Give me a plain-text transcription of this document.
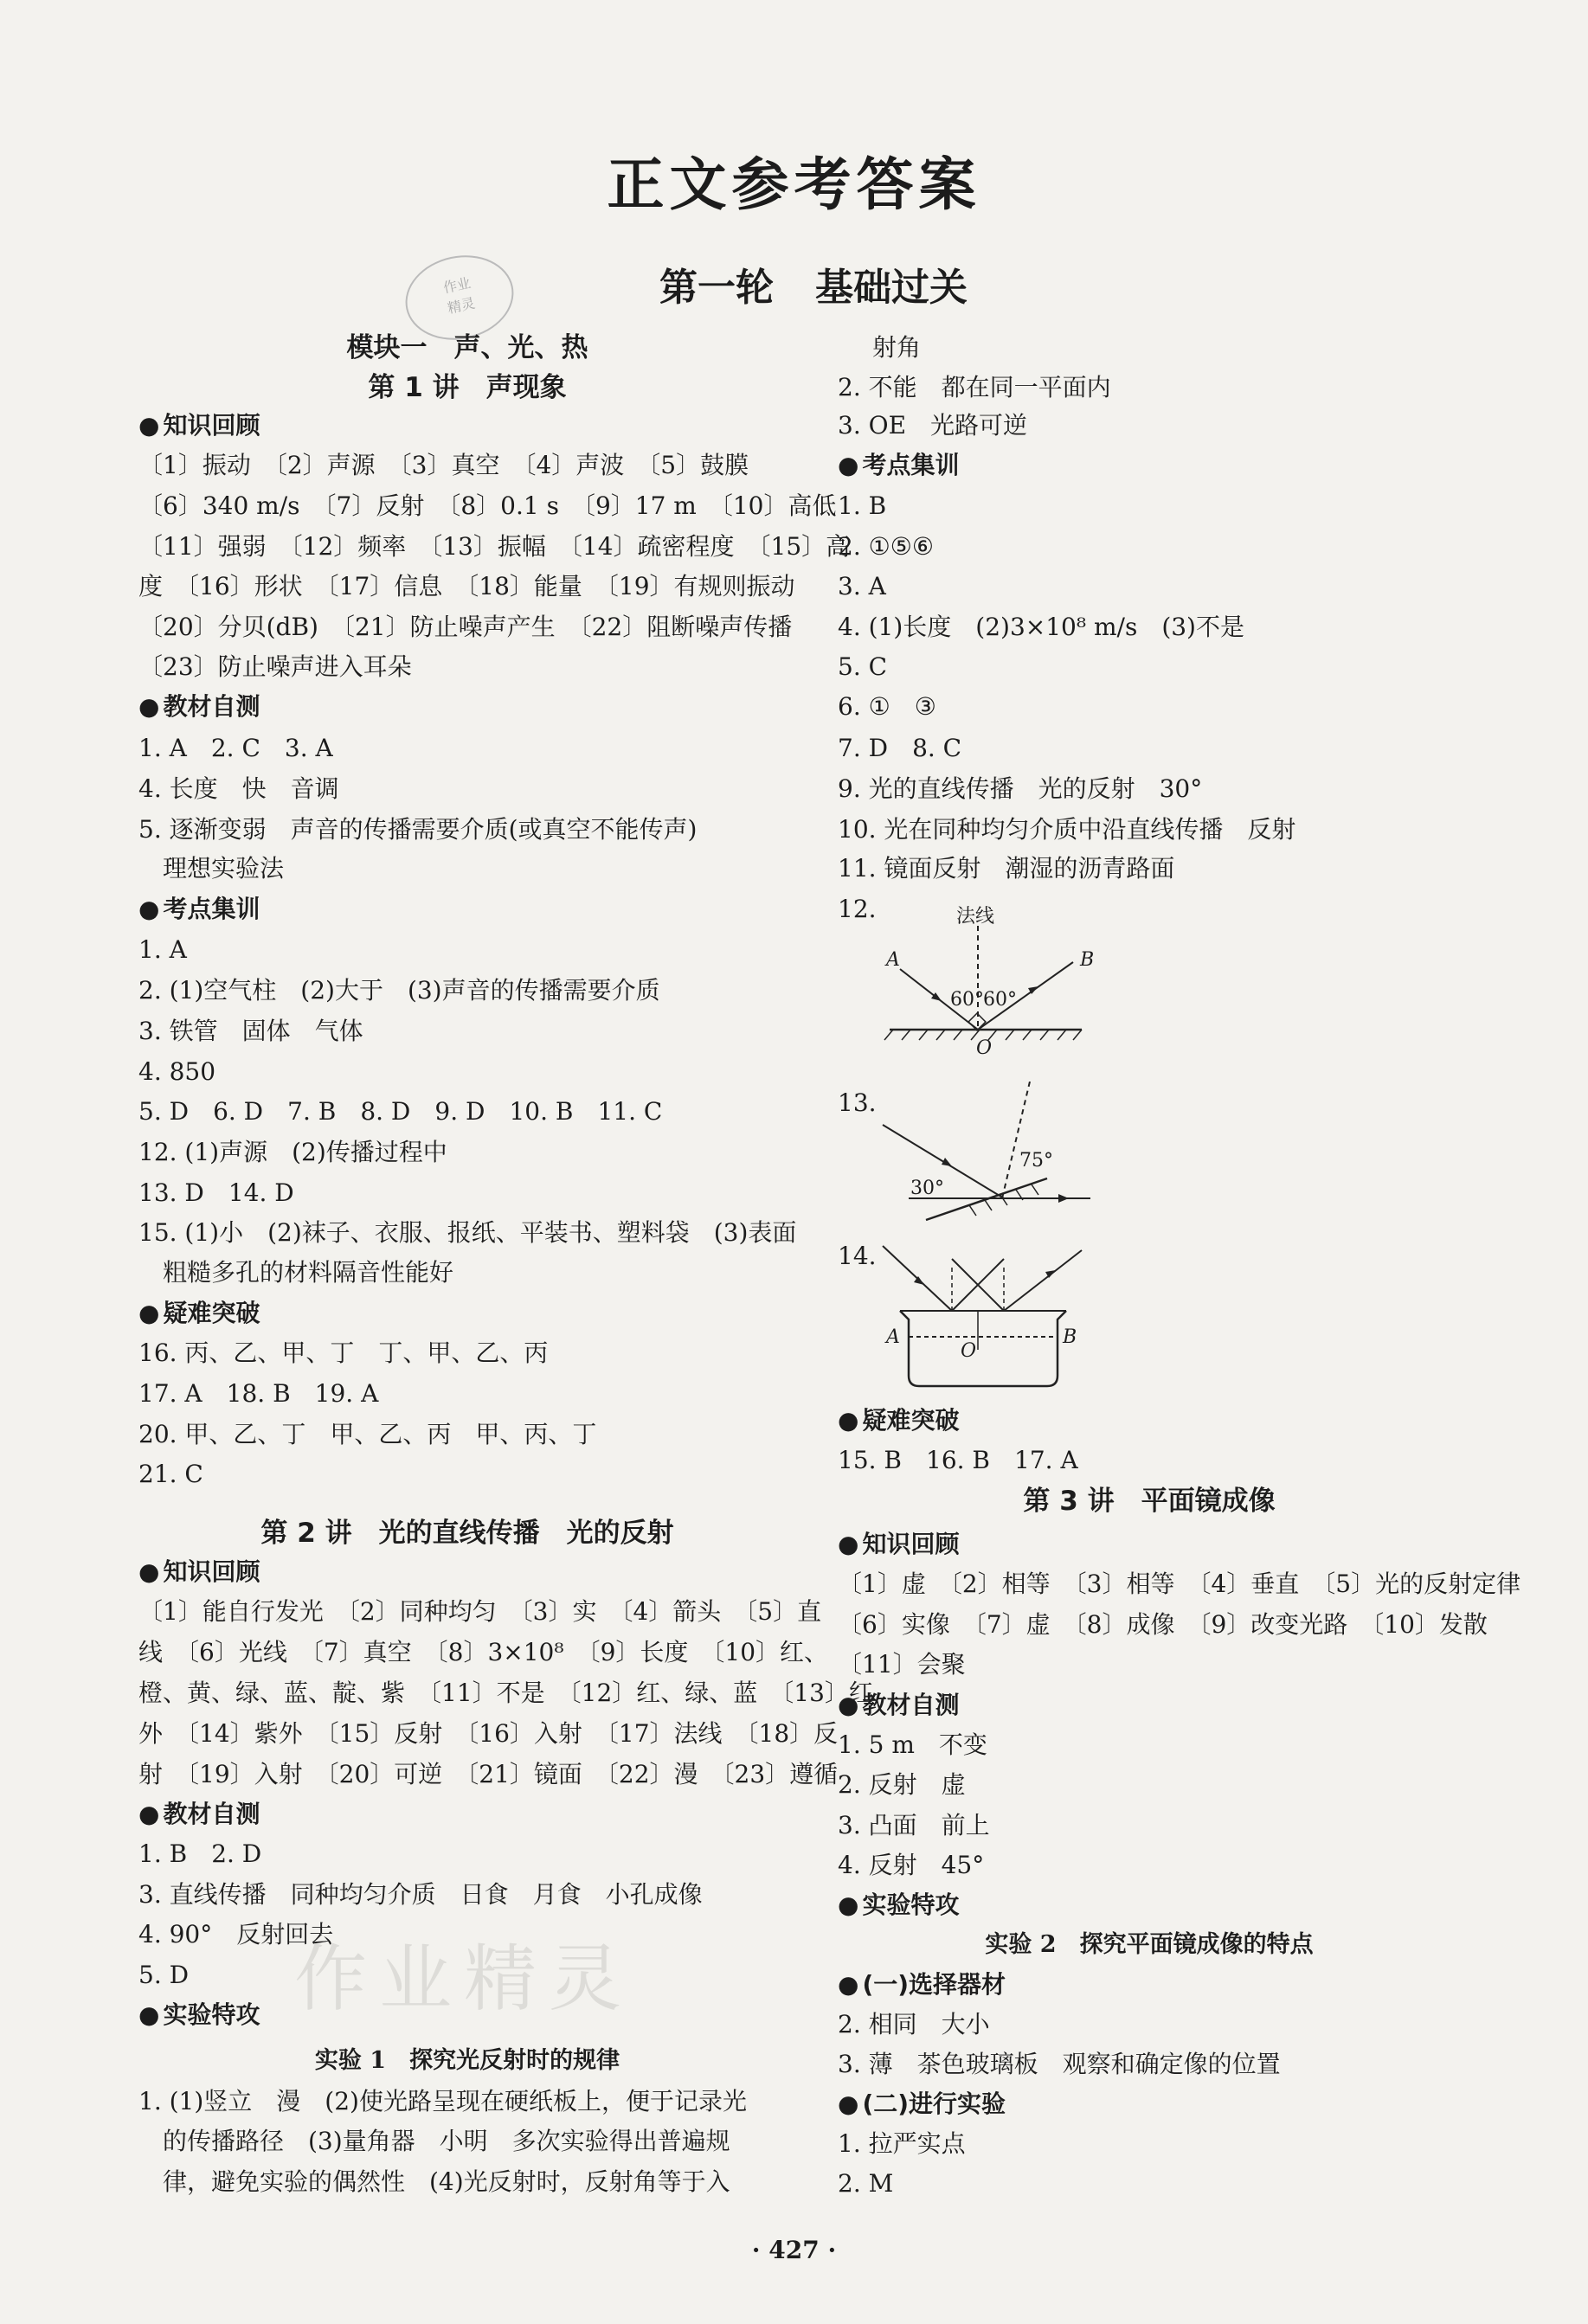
正文参考答案
第一轮 基础过关
作业
精灵
作业精灵
模块一　声、光、热
第 1 讲　声现象
● 知识回顾
〔1〕振动　〔2〕声源　〔3〕真空　〔4〕声波　〔5〕鼓膜
〔6〕340 m/s　〔7〕反射　〔8〕0.1 s　〔9〕17 m　〔10〕高低
〔11〕强弱　〔12〕频率　〔13〕振幅　〔14〕疏密程度　〔15〕高
度　〔16〕形状　〔17〕信息　〔18〕能量　〔19〕有规则振动
〔20〕分贝(dB)　〔21〕防止噪声产生　〔22〕阻断噪声传播
〔23〕防止噪声进入耳朵
● 教材自测
1. A　2. C　3. A
4. 长度　快　音调
5. 逐渐变弱　声音的传播需要介质(或真空不能传声)
　理想实验法
● 考点集训
1. A
2. (1)空气柱　(2)大于　(3)声音的传播需要介质
3. 铁管　固体　气体
4. 850
5. D　6. D　7. B　8. D　9. D　10. B　11. C
12. (1)声源　(2)传播过程中
13. D　14. D
15. (1)小　(2)袜子、衣服、报纸、平装书、塑料袋　(3)表面
　粗糙多孔的材料隔音性能好
● 疑难突破
16. 丙、乙、甲、丁　丁、甲、乙、丙
17. A　18. B　19. A
20. 甲、乙、丁　甲、乙、丙　甲、丙、丁
21. C
第 2 讲　光的直线传播　光的反射
● 知识回顾
〔1〕能自行发光　〔2〕同种均匀　〔3〕实　〔4〕箭头　〔5〕直
线　〔6〕光线　〔7〕真空　〔8〕3×10⁸　〔9〕长度　〔10〕红、
橙、黄、绿、蓝、靛、紫　〔11〕不是　〔12〕红、绿、蓝　〔13〕红
外　〔14〕紫外　〔15〕反射　〔16〕入射　〔17〕法线　〔18〕反
射　〔19〕入射　〔20〕可逆　〔21〕镜面　〔22〕漫　〔23〕遵循
● 教材自测
1. B　2. D
3. 直线传播　同种均匀介质　日食　月食　小孔成像
4. 90°　反射回去
5. D
● 实验特攻
实验 1　探究光反射时的规律
1. (1)竖立　漫　(2)使光路呈现在硬纸板上，便于记录光
　的传播路径　(3)量角器　小明　多次实验得出普遍规
　律，避免实验的偶然性　(4)光反射时，反射角等于入
射角
2. 不能　都在同一平面内
3. OE　光路可逆
● 考点集训
1. B
2. ①⑤⑥
3. A
4. (1)长度　(2)3×10⁸ m/s　(3)不是
5. C
6. ①　③
7. D　8. C
9. 光的直线传播　光的反射　30°
10. 光在同种均匀介质中沿直线传播　反射
11. 镜面反射　潮湿的沥青路面
12.
13.
14.
● 疑难突破
15. B　16. B　17. A
第 3 讲　平面镜成像
● 知识回顾
〔1〕虚　〔2〕相等　〔3〕相等　〔4〕垂直　〔5〕光的反射定律
〔6〕实像　〔7〕虚　〔8〕成像　〔9〕改变光路　〔10〕发散
〔11〕会聚
● 教材自测
1. 5 m　不变
2. 反射　虚
3. 凸面　前上
4. 反射　45°
● 实验特攻
实验 2　探究平面镜成像的特点
● (一)选择器材
2. 相同　大小
3. 薄　茶色玻璃板　观察和确定像的位置
● (二)进行实验
1. 拉严实点
2. M
法线
A	B
O
60° 60°
30°
75°
A	B
O
· 427 ·
